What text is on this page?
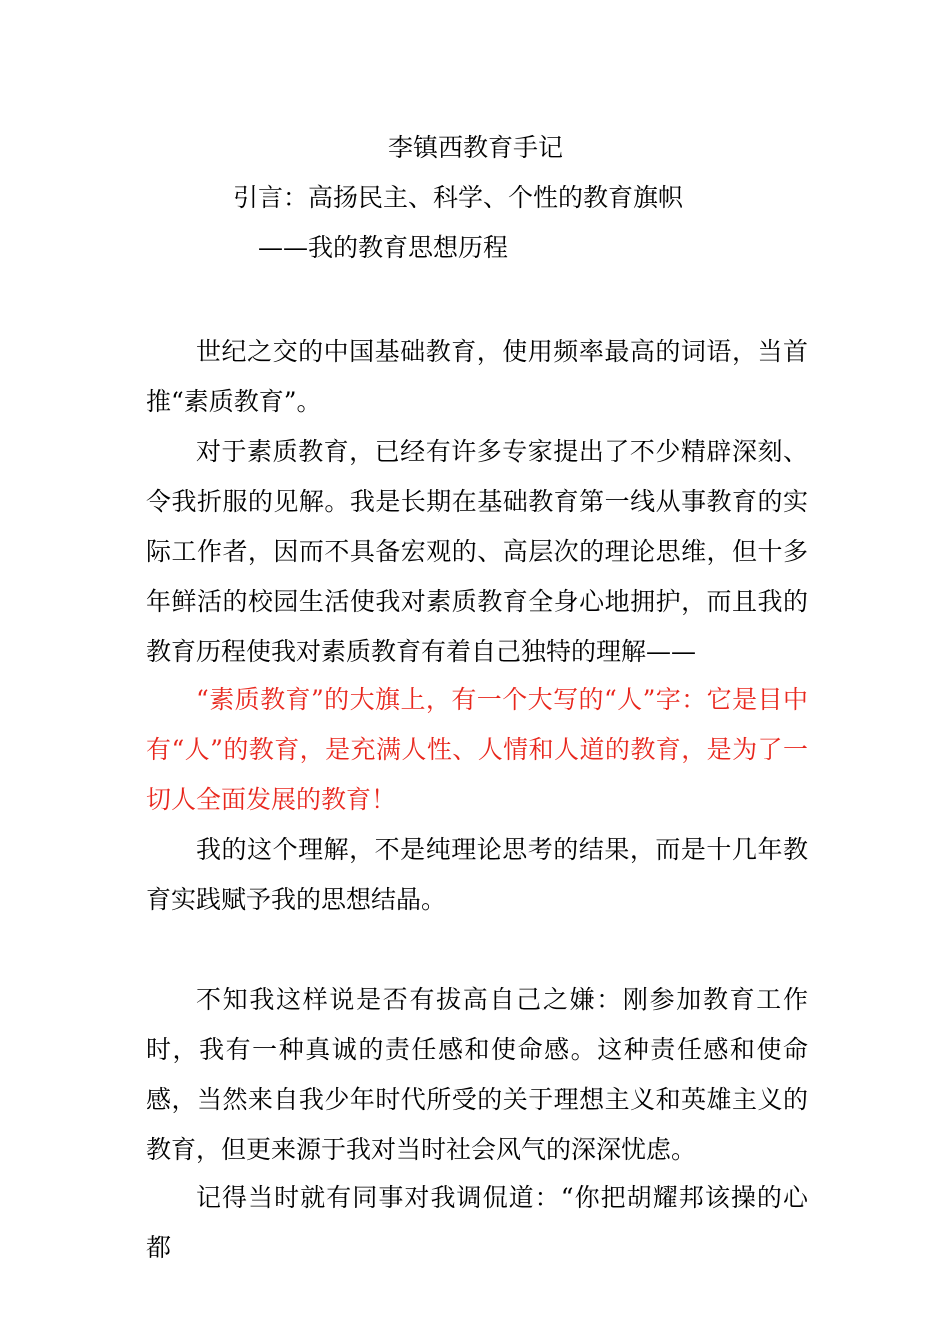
李镇西教育手记
引言：高扬民主、科学、个性的教育旗帜
——我的教育思想历程

世纪之交的中国基础教育，使用频率最高的词语，当首推“素质教育”。

对于素质教育，已经有许多专家提出了不少精辟深刻、令我折服的见解。我是长期在基础教育第一线从事教育的实际工作者，因而不具备宏观的、高层次的理论思维，但十多年鲜活的校园生活使我对素质教育全身心地拥护，而且我的教育历程使我对素质教育有着自己独特的理解——

“素质教育”的大旗上，有一个大写的“人”字：它是目中有“人”的教育，是充满人性、人情和人道的教育，是为了一切人全面发展的教育！

我的这个理解，不是纯理论思考的结果，而是十几年教育实践赋予我的思想结晶。

不知我这样说是否有拔高自己之嫌：刚参加教育工作时，我有一种真诚的责任感和使命感。这种责任感和使命感，当然来自我少年时代所受的关于理想主义和英雄主义的教育，但更来源于我对当时社会风气的深深忧虑。

记得当时就有同事对我调侃道：“你把胡耀邦该操的心都
